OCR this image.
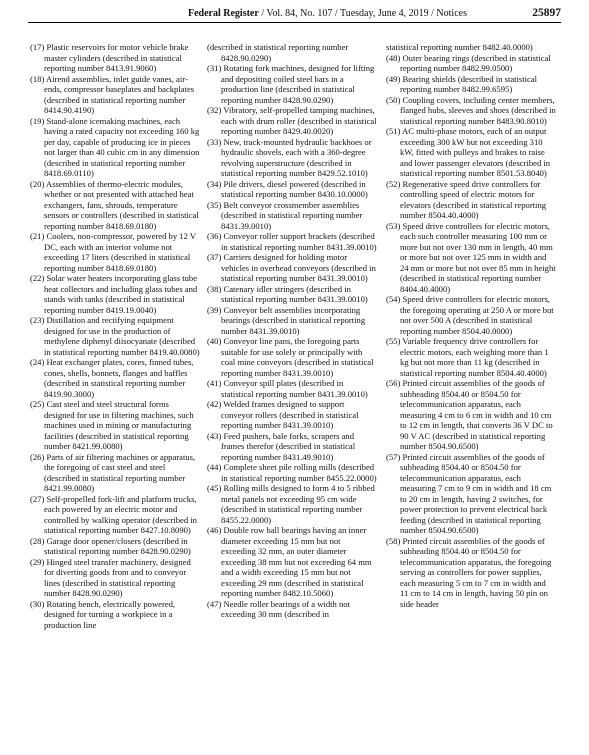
Federal Register / Vol. 84, No. 107 / Tuesday, June 4, 2019 / Notices	25897

(17) Plastic reservoirs for motor vehicle brake master cylinders (described in statistical reporting number 8413.91.9060)

(18) Airend assemblies, inlet guide vanes, air-ends, compressor baseplates and backplates (described in statistical reporting number 8414.90.4190)

(19) Stand-alone icemaking machines, each having a rated capacity not exceeding 160 kg per day, capable of producing ice in pieces not larger than 40 cubic cm in any dimension (described in statistical reporting number 8418.69.0110)

(20) Assemblies of thermo-electric modules, whether or not presented with attached heat exchangers, fans, shrouds, temperature sensors or controllers (described in statistical reporting number 8418.69.0180)

(21) Coolers, non-compressor, powered by 12 V DC, each with an interior volume not exceeding 17 liters (described in statistical reporting number 8418.69.0180)

(22) Solar water heaters incorporating glass tube heat collectors and including glass tubes and stands with tanks (described in statistical reporting number 8419.19.0040)

(23) Distillation and rectifying equipment designed for use in the production of methylene diphenyl diisocyanate (described in statistical reporting number 8419.40.0080)

(24) Heat exchanger plates, cores, finned tubes, cones, shells, bonnets, flanges and baffles (described in statistical reporting number 8419.90.3000)

(25) Cast steel and steel structural forms designed for use in filtering machines, such machines used in mining or manufacturing facilities (described in statistical reporting number 8421.99.0080)

(26) Parts of air filtering machines or apparatus, the foregoing of cast steel and steel (described in statistical reporting number 8421.99.0080)

(27) Self-propelled fork-lift and platform trucks, each powered by an electric motor and controlled by walking operator (described in statistical reporting number 8427.10.8090)

(28) Garage door opener/closers (described in statistical reporting number 8428.90.0290)

(29) Hinged steel transfer machinery, designed for diverting goods from and to conveyor lines (described in statistical reporting number 8428.90.0290)

(30) Rotating bench, electrically powered, designed for turning a workpiece in a production line

(described in statistical reporting number 8428.90.0290)

(31) Rotating fork machines, designed for lifting and depositing coiled steel bars in a production line (described in statistical reporting number 8428.90.0290)

(32) Vibratory, self-propelled tamping machines, each with drum roller (described in statistical reporting number 8429.40.0020)

(33) New, track-mounted hydraulic backhoes or hydraulic shovels, each with a 360-degree revolving superstructure (described in statistical reporting number 8429.52.1010)

(34) Pile drivers, diesel powered (described in statistical reporting number 8430.10.0000)

(35) Belt conveyor crossmember assemblies (described in statistical reporting number 8431.39.0010)

(36) Conveyor roller support brackets (described in statistical reporting number 8431.39.0010)

(37) Carriers designed for holding motor vehicles in overhead conveyors (described in statistical reporting number 8431.39.0010)

(38) Catenary idler stringers (described in statistical reporting number 8431.39.0010)

(39) Conveyor belt assemblies incorporating bearings (described in statistical reporting number 8431.39.0010)

(40) Conveyor line pans, the foregoing parts suitable for use solely or principally with coal mine conveyors (described in statistical reporting number 8431.39.0010)

(41) Conveyor spill plates (described in statistical reporting number 8431.39.0010)

(42) Welded frames designed to support conveyor rollers (described in statistical reporting number 8431.39.0010)

(43) Feed pushers, bale forks, scrapers and frames therefor (described in statistical reporting number 8431.49.9010)

(44) Complete sheet pile rolling mills (described in statistical reporting number 8455.22.0000)

(45) Rolling mills designed to form 4 to 5 ribbed metal panels not exceeding 95 cm wide (described in statistical reporting number 8455.22.0000)

(46) Double row ball bearings having an inner diameter exceeding 15 mm but not exceeding 32 mm, an outer diameter exceeding 38 mm but not exceeding 64 mm and a width exceeding 15 mm but not exceeding 29 mm (described in statistical reporting number 8482.10.5060)

(47) Needle roller bearings of a width not exceeding 30 mm (described in

statistical reporting number 8482.40.0000)

(48) Outer bearing rings (described in statistical reporting number 8482.99.0500)

(49) Bearing shields (described in statistical reporting number 8482.99.6595)

(50) Coupling covers, including center members, flanged hubs, sleeves and shoes (described in statistical reporting number 8483.90.8010)

(51) AC multi-phase motors, each of an output exceeding 300 kW but not exceeding 310 kW, fitted with pulleys and brakes to raise and lower passenger elevators (described in statistical reporting number 8501.53.8040)

(52) Regenerative speed drive controllers for controlling speed of electric motors for elevators (described in statistical reporting number 8504.40.4000)

(53) Speed drive controllers for electric motors, each such controller measuring 100 mm or more but not over 130 mm in length, 40 mm or more but not over 125 mm in width and 24 mm or more but not over 85 mm in height (described in statistical reporting number 8404.40.4000)

(54) Speed drive controllers for electric motors, the foregoing operating at 250 A or more but not over 500 A (described in statistical reporting number 8504.40.0000)

(55) Variable frequency drive controllers for electric motors, each weighing more than 1 kg but not more than 11 kg (described in statistical reporting number 8504.40.4000)

(56) Printed circuit assemblies of the goods of subheading 8504.40 or 8504.50 for telecommunication apparatus, each measuring 4 cm to 6 cm in width and 10 cm to 12 cm in length, that converts 36 V DC to 90 V AC (described in statistical reporting number 8504.90.6500)

(57) Printed circuit assemblies of the goods of subheading 8504.40 or 8504.50 for telecommunication apparatus, each measuring 7 cm to 9 cm in width and 18 cm to 20 cm in length, having 2 switches, for power protection to prevent electrical back feeding (described in statistical reporting number 8504.90.6500)

(58) Printed circuit assemblies of the goods of subheading 8504.40 or 8504.50 for telecommunication apparatus, the foregoing serving as controllers for power supplies, each measuring 5 cm to 7 cm in width and 11 cm to 14 cm in length, having 50 pin on side header
